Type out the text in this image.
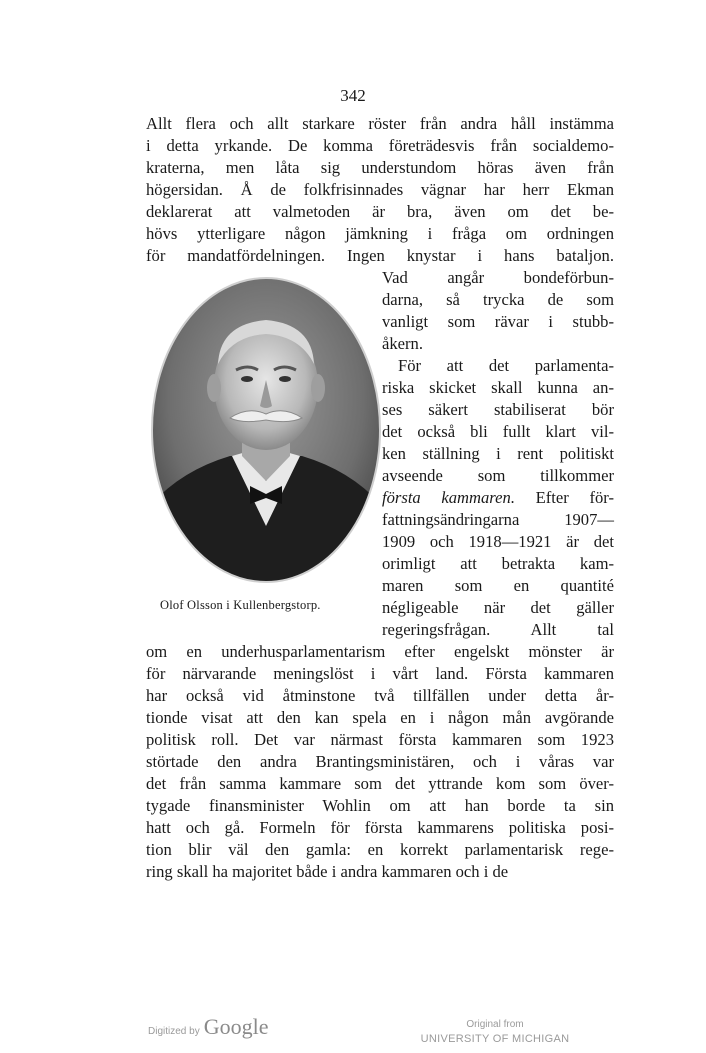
342
Allt flera och allt starkare röster från andra håll instämma
i detta yrkande. De komma företrädesvis från socialdemo-
kraterna, men låta sig understundom höras även från
högersidan. Å de folkfrisinnades vägnar har herr Ekman
deklarerat att valmetoden är bra, även om det be-
hövs ytterligare någon jämkning i fråga om ordningen
för mandatfördelningen. Ingen knystar i hans bataljon.
Vad angår bondeförbun-
darna, så trycka de som
vanligt som rävar i stubb-
åkern.
För att det parlamenta-
riska skicket skall kunna an-
ses säkert stabiliserat bör
det också bli fullt klart vil-
ken ställning i rent politiskt
avseende som tillkommer
första kammaren. Efter för-
fattningsändringarna 1907—
1909 och 1918—1921 är det
orimligt att betrakta kam-
maren som en quantité
négligeable när det gäller
regeringsfrågan. Allt tal
om en underhusparlamentarism efter engelskt mönster är
för närvarande meningslöst i vårt land. Första kammaren
har också vid åtminstone två tillfällen under detta år-
tionde visat att den kan spela en i någon mån avgörande
politisk roll. Det var närmast första kammaren som 1923
störtade den andra Brantingsministären, och i våras var
det från samma kammare som det yttrande kom som över-
tygade finansminister Wohlin om att han borde ta sin
hatt och gå. Formeln för första kammarens politiska posi-
tion blir väl den gamla: en korrekt parlamentarisk rege-
ring skall ha majoritet både i andra kammaren och i de
Olof Olsson i Kullenbergstorp.
Digitized by Google	Original from
UNIVERSITY OF MICHIGAN
